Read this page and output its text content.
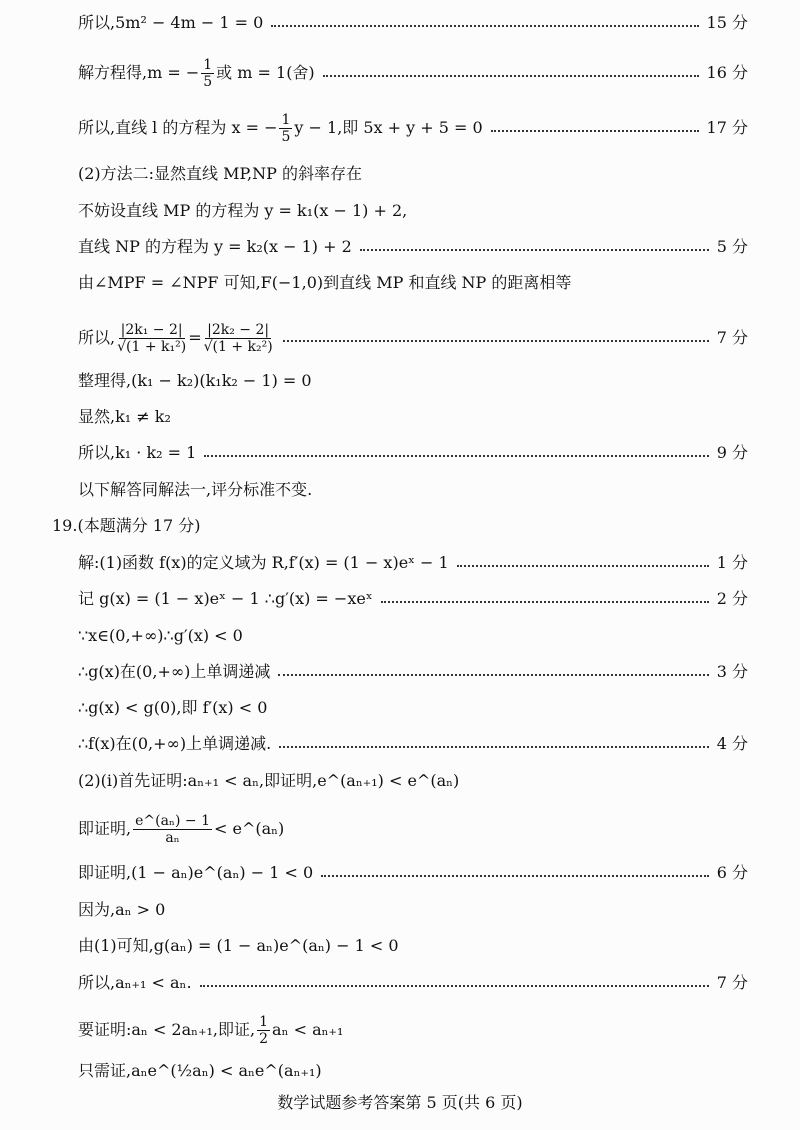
所以,5m² − 4m − 1 = 0	15 分
解方程得,m = − $\frac{1}{5}$ 或 m = 1(舍)	16 分
所以,直线 l 的方程为 x = − $\frac{1}{5}$ y − 1,即 5x + y + 5 = 0	17 分
(2)方法二:显然直线 MP,NP 的斜率存在
不妨设直线 MP 的方程为 y = k₁(x − 1) + 2,
直线 NP 的方程为 y = k₂(x − 1) + 2	5 分
由∠MPF = ∠NPF 可知,F(−1,0)到直线 MP 和直线 NP 的距离相等
所以, $\frac{\text{|2k₁ − 2|}}{\text{√(1 + k₁²)}} = \frac{\text{|2k₂ − 2|}}{\text{√(1 + k₂²)}}$	7 分
整理得,(k₁ − k₂)(k₁k₂ − 1) = 0
显然,k₁ ≠ k₂
所以,k₁ · k₂ = 1	9 分
以下解答同解法一,评分标准不变.
19.(本题满分 17 分)
解:(1)函数 f(x)的定义域为 R,f′(x) = (1 − x)eˣ − 1	1 分
记 g(x) = (1 − x)eˣ − 1 ∴g′(x) = −xeˣ	2 分
∵x∈(0,+∞)∴g′(x) < 0
∴g(x)在(0,+∞)上单调递减	3 分
∴g(x) < g(0),即 f′(x) < 0
∴f(x)在(0,+∞)上单调递减.	4 分
(2)(i)首先证明:aₙ₊₁ < aₙ,即证明,e^(aₙ₊₁) < e^(aₙ)
即证明, $\frac{\text{e\textasciicircum{}(aₙ) − 1}}{\text{aₙ}}$ < e^(aₙ)
即证明,(1 − aₙ)e^(aₙ) − 1 < 0	6 分
因为,aₙ > 0
由(1)可知,g(aₙ) = (1 − aₙ)e^(aₙ) − 1 < 0
所以,aₙ₊₁ < aₙ.	7 分
要证明:aₙ < 2aₙ₊₁,即证, $\frac{1}{2}$ aₙ < aₙ₊₁
只需证,aₙe^(½aₙ) < aₙe^(aₙ₊₁)
数学试题参考答案第 5 页(共 6 页)
